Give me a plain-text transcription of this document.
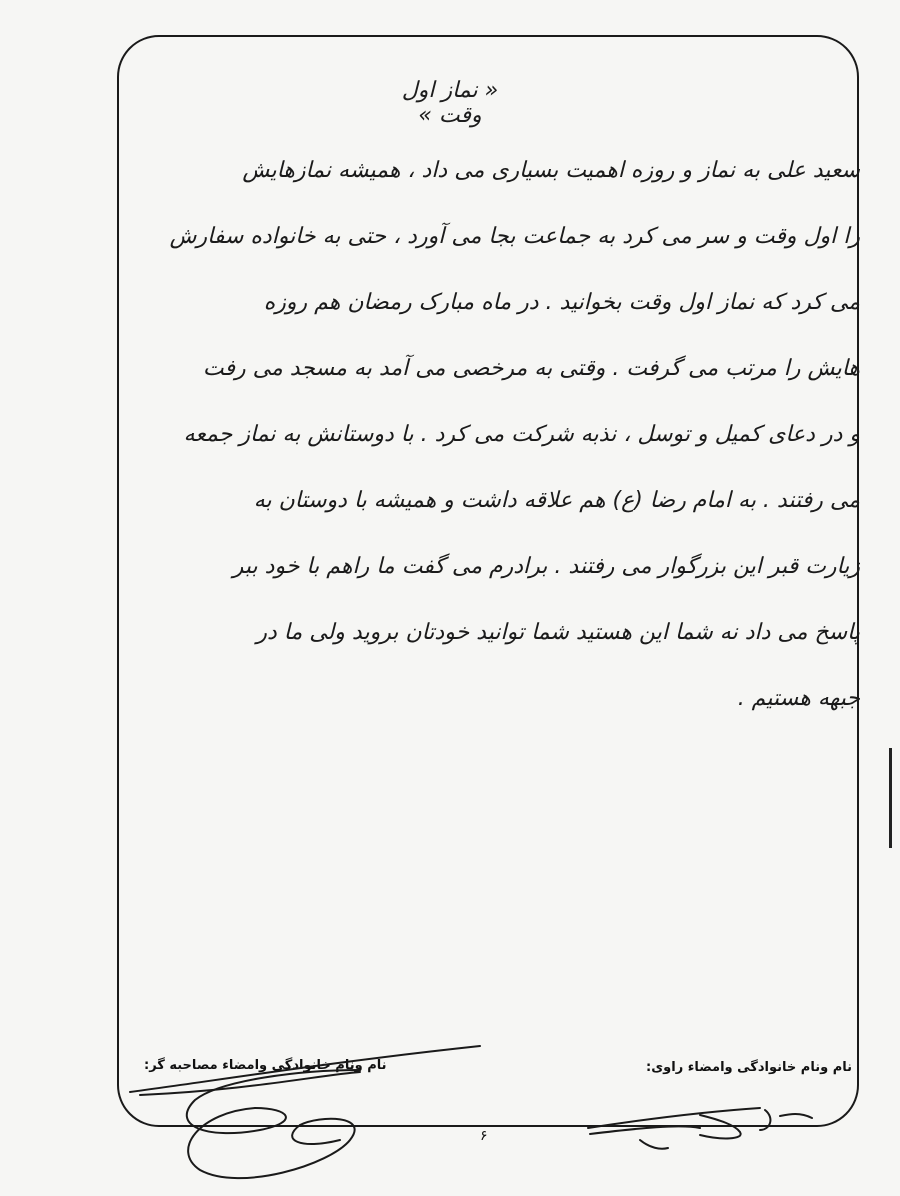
« نماز اول وقت »
سعید علی به نماز و روزه اهمیت بسیاری می داد ، همیشه نمازهایش
را اول وقت و سر می کرد به جماعت بجا می آورد ، حتی به خانواده سفارش
می کرد که نماز اول وقت بخوانید . در ماه مبارک رمضان هم روزه
هایش را مرتب می گرفت . وقتی به مرخصی می آمد به مسجد می رفت
و در دعای کمیل و توسل ، نذبه شرکت می کرد . با دوستانش به نماز جمعه
می رفتند . به امام رضا (ع) هم علاقه داشت و همیشه با دوستان به
زیارت قبر این بزرگوار می رفتند . برادرم می گفت ما راهم با خود ببر
پاسخ می داد نه شما این هستید شما توانید خودتان بروید ولی ما در
جبهه هستیم .
نام ونام خانوادگی وامضاء راوی:
نام ونام خانوادگی وامضاء مصاحبه گر:
۶
